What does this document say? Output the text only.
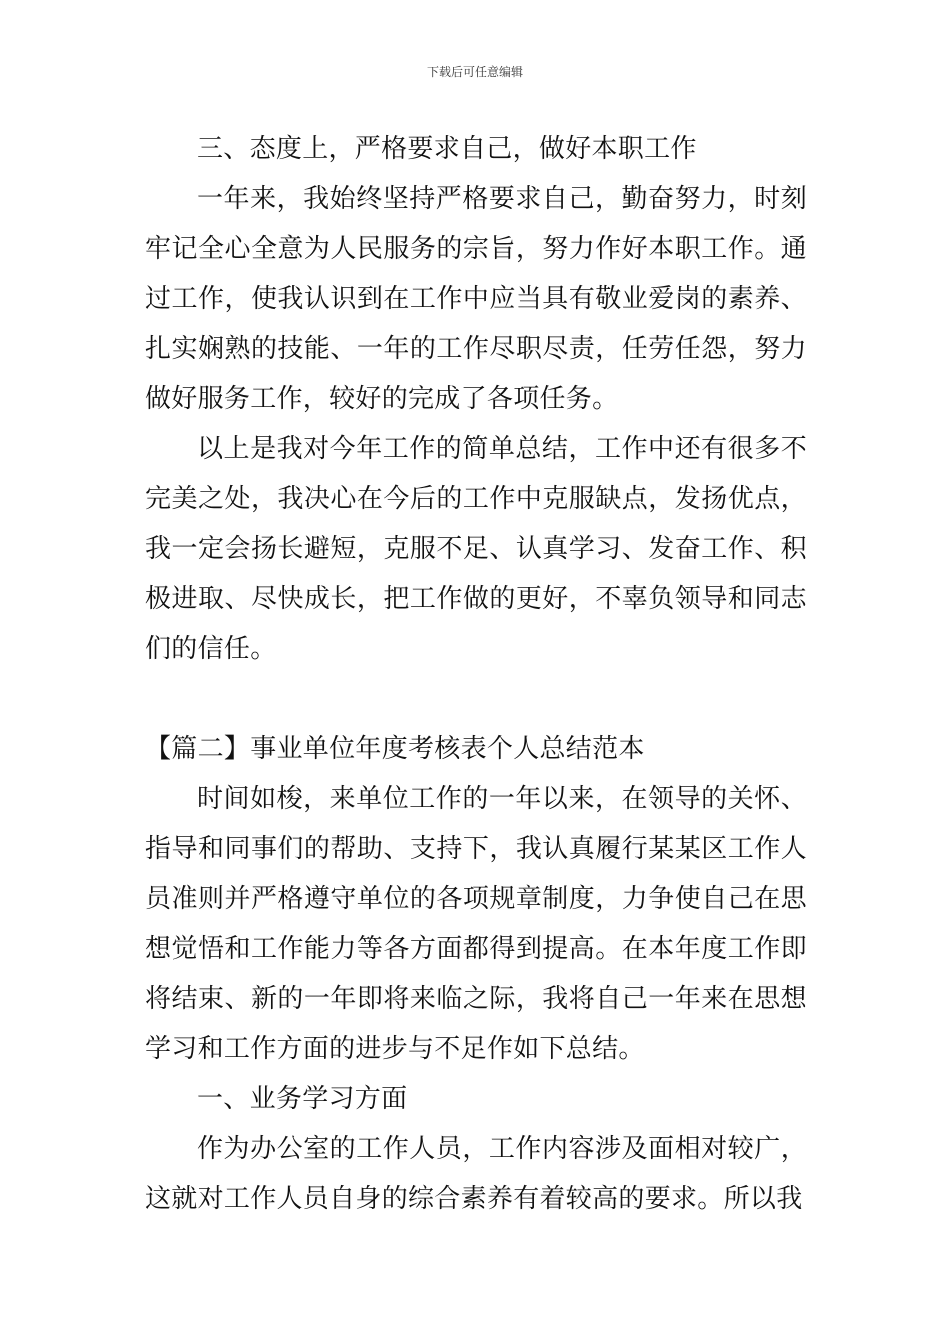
下载后可任意编辑

三、态度上，严格要求自己，做好本职工作

一年来，我始终坚持严格要求自己，勤奋努力，时刻牢记全心全意为人民服务的宗旨，努力作好本职工作。通过工作，使我认识到在工作中应当具有敬业爱岗的素养、扎实娴熟的技能、一年的工作尽职尽责，任劳任怨，努力做好服务工作，较好的完成了各项任务。

以上是我对今年工作的简单总结，工作中还有很多不完美之处，我决心在今后的工作中克服缺点，发扬优点，我一定会扬长避短，克服不足、认真学习、发奋工作、积极进取、尽快成长，把工作做的更好，不辜负领导和同志们的信任。

【篇二】事业单位年度考核表个人总结范本

时间如梭，来单位工作的一年以来，在领导的关怀、指导和同事们的帮助、支持下，我认真履行某某区工作人员准则并严格遵守单位的各项规章制度，力争使自己在思想觉悟和工作能力等各方面都得到提高。在本年度工作即将结束、新的一年即将来临之际，我将自己一年来在思想学习和工作方面的进步与不足作如下总结。

一、业务学习方面

作为办公室的工作人员，工作内容涉及面相对较广，这就对工作人员自身的综合素养有着较高的要求。所以我
